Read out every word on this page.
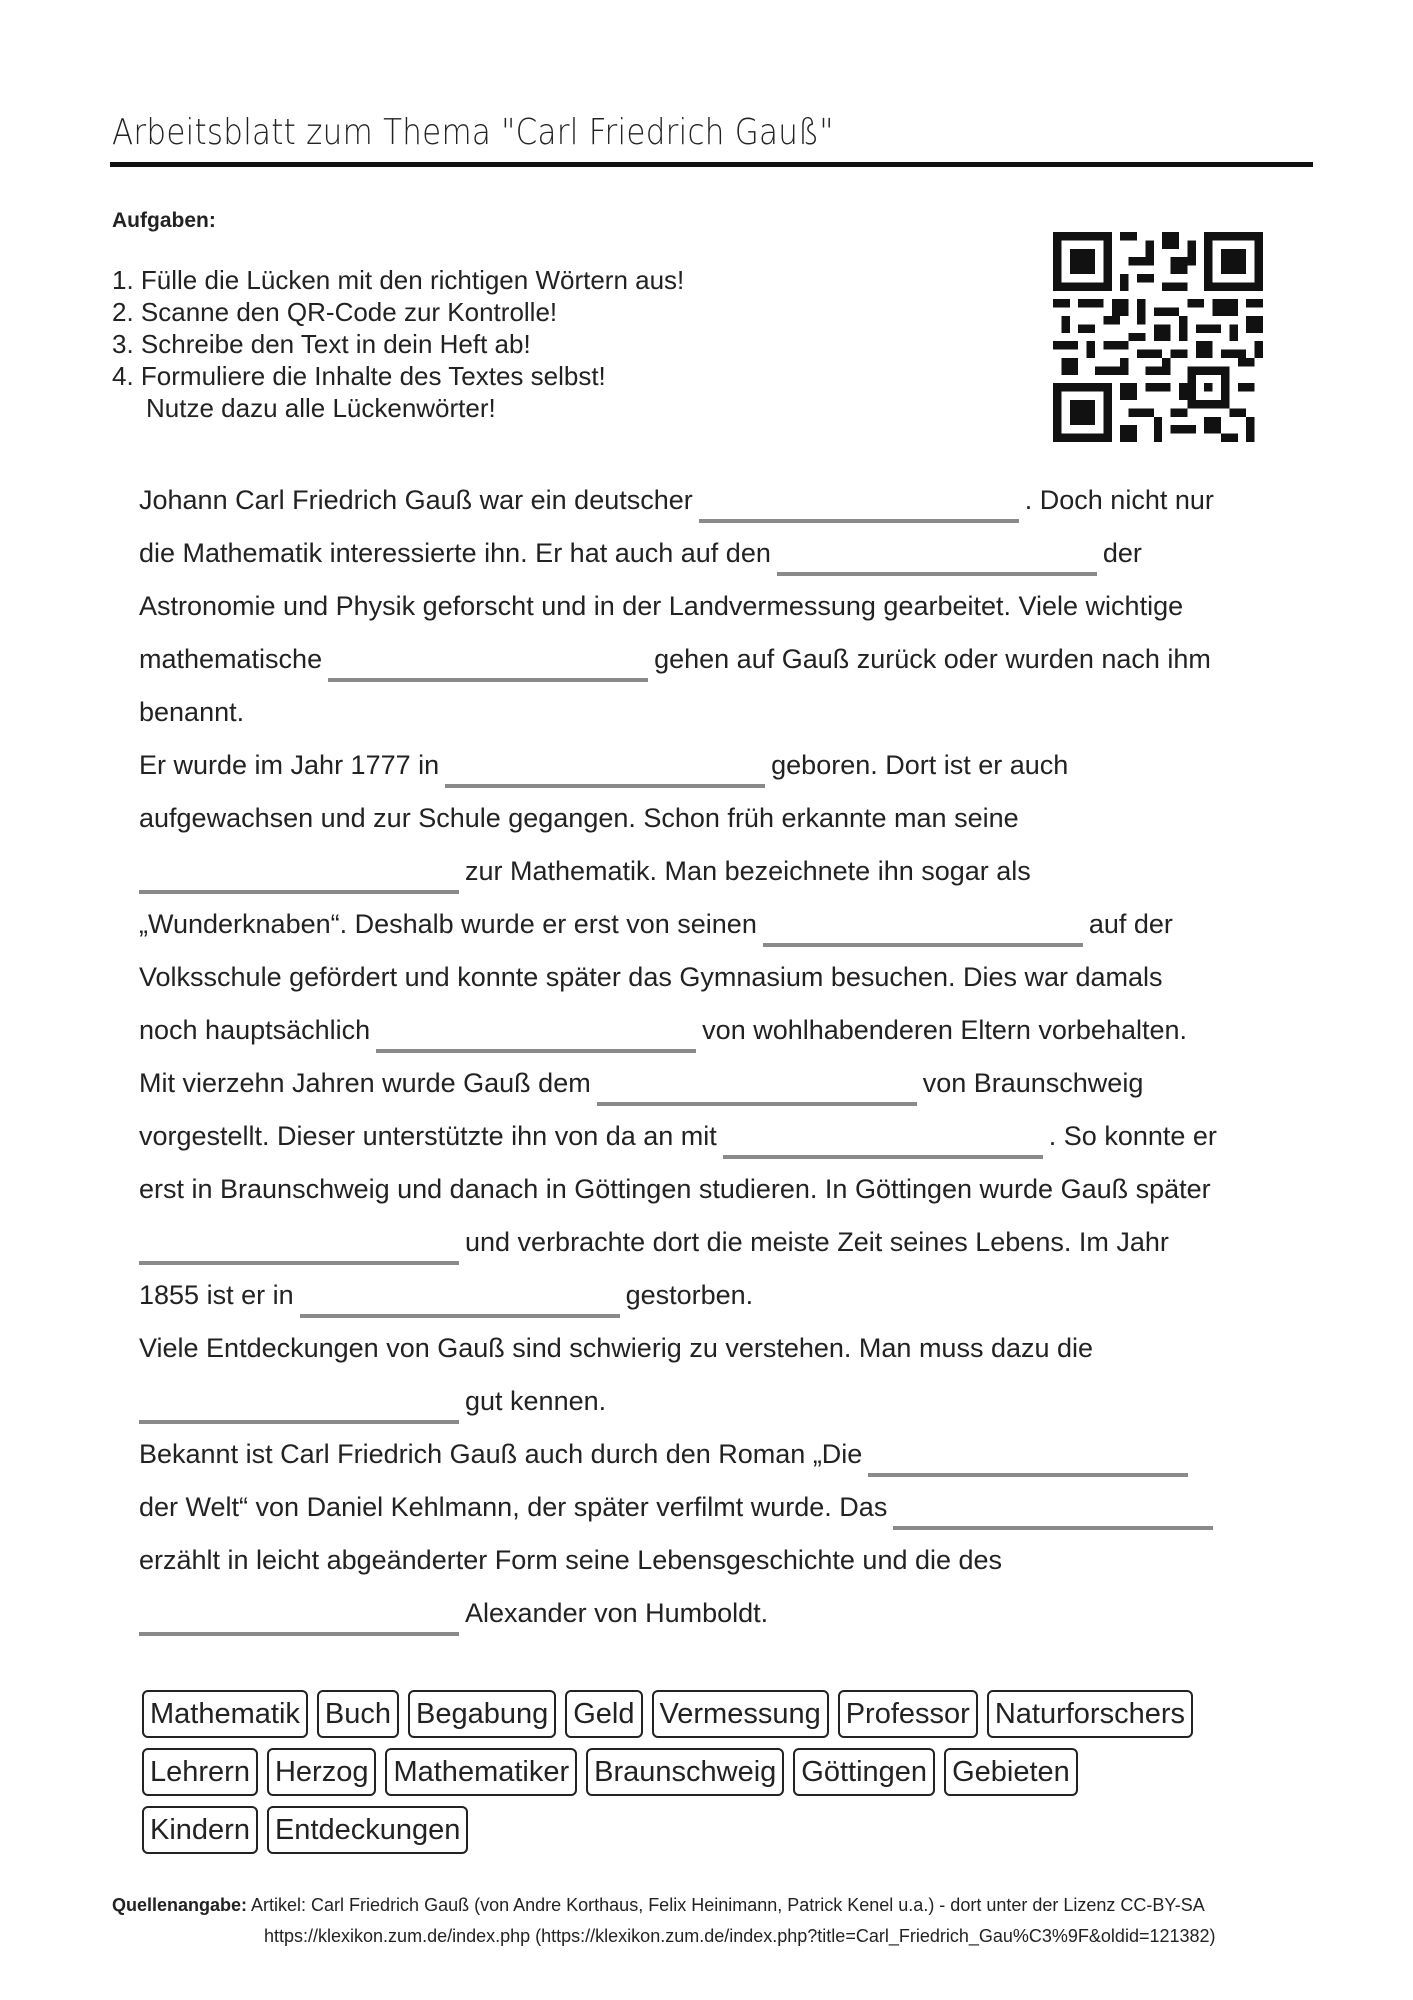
Arbeitsblatt zum Thema "Carl Friedrich Gauß"
Aufgaben:
1. Fülle die Lücken mit den richtigen Wörtern aus!
2. Scanne den QR-Code zur Kontrolle!
3. Schreibe den Text in dein Heft ab!
4. Formuliere die Inhalte des Textes selbst!
Nutze dazu alle Lückenwörter!
Johann Carl Friedrich Gauß war ein deutscher	. Doch nicht nur
die Mathematik interessierte ihn. Er hat auch auf den	der
Astronomie und Physik geforscht und in der Landvermessung gearbeitet. Viele wichtige
mathematische	gehen auf Gauß zurück oder wurden nach ihm
benannt.
Er wurde im Jahr 1777 in	geboren. Dort ist er auch
aufgewachsen und zur Schule gegangen. Schon früh erkannte man seine
zur Mathematik. Man bezeichnete ihn sogar als
„Wunderknaben“. Deshalb wurde er erst von seinen	auf der
Volksschule gefördert und konnte später das Gymnasium besuchen. Dies war damals
noch hauptsächlich	von wohlhabenderen Eltern vorbehalten.
Mit vierzehn Jahren wurde Gauß dem	von Braunschweig
vorgestellt. Dieser unterstützte ihn von da an mit	. So konnte er
erst in Braunschweig und danach in Göttingen studieren. In Göttingen wurde Gauß später
und verbrachte dort die meiste Zeit seines Lebens. Im Jahr
1855 ist er in	gestorben.
Viele Entdeckungen von Gauß sind schwierig zu verstehen. Man muss dazu die
gut kennen.
Bekannt ist Carl Friedrich Gauß auch durch den Roman „Die
der Welt“ von Daniel Kehlmann, der später verfilmt wurde. Das
erzählt in leicht abgeänderter Form seine Lebensgeschichte und die des
Alexander von Humboldt.
Mathematik Buch Begabung Geld Vermessung Professor Naturforschers
Lehrern Herzog Mathematiker Braunschweig Göttingen Gebieten
Kindern Entdeckungen
Quellenangabe: Artikel: Carl Friedrich Gauß (von Andre Korthaus, Felix Heinimann, Patrick Kenel u.a.) - dort unter der Lizenz CC-BY-SA
https://klexikon.zum.de/index.php (https://klexikon.zum.de/index.php?title=Carl_Friedrich_Gau%C3%9F&oldid=121382)
